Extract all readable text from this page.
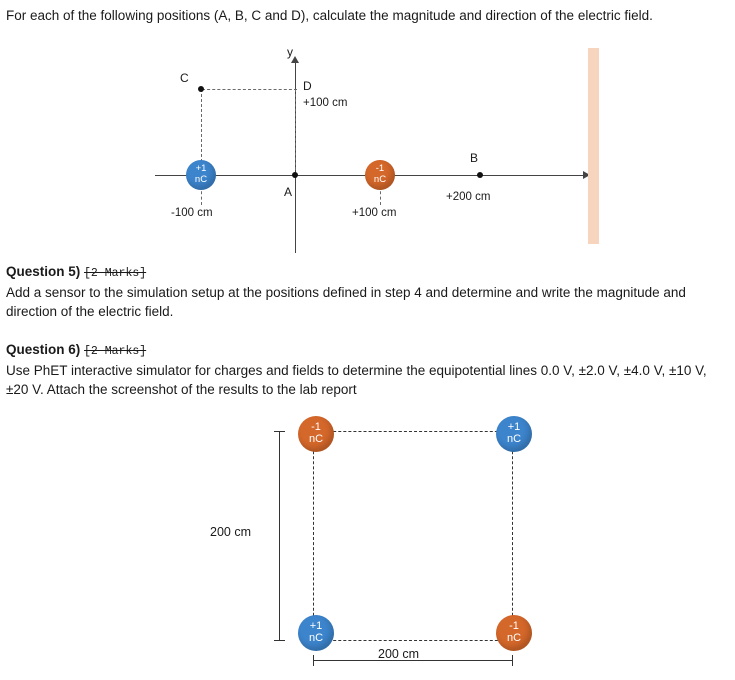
For each of the following positions (A, B, C and D), calculate the magnitude and direction of the electric field.
y
C
D
+100 cm
A
B
+200 cm
+1
nC
-100 cm
-1
nC
+100 cm
Question 5) [2 Marks]
Add a sensor to the simulation setup at the positions defined in step 4 and determine and write the magnitude and direction of the electric field.
Question 6) [2 Marks]
Use PhET interactive simulator for charges and fields to determine the equipotential lines 0.0 V, ±2.0 V, ±4.0 V, ±10 V, ±20 V. Attach the screenshot of the results to the lab report
200 cm
200 cm
-1
nC
+1
nC
+1
nC
-1
nC
